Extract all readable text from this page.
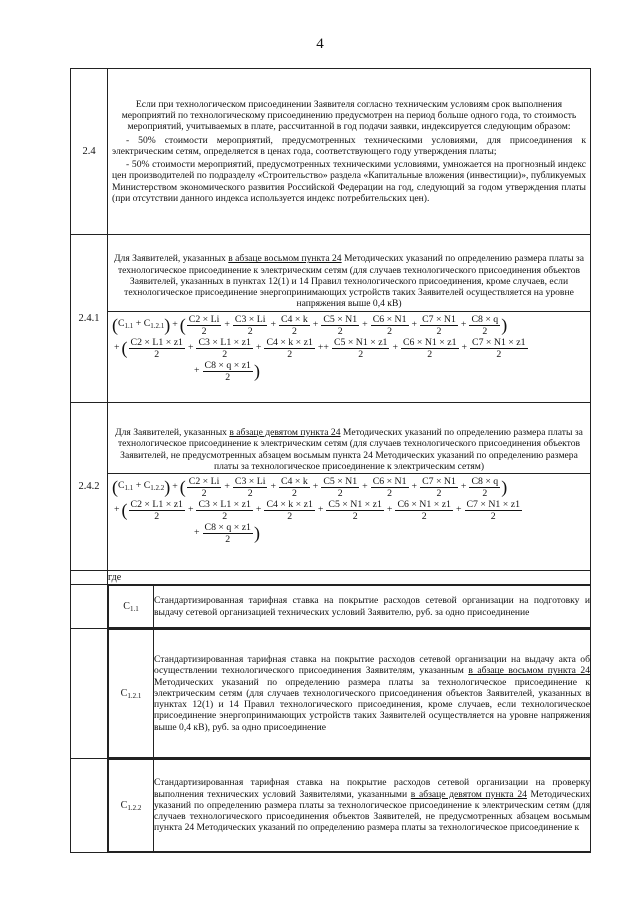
4
2.4	
Если при технологическом присоединении Заявителя согласно техническим условиям срок выполнения мероприятий по технологическому присоединению предусмотрен на период больше одного года, то стоимость мероприятий, учитываемых в плате, рассчитанной в год подачи заявки, индексируется следующим образом:
- 50% стоимости мероприятий, предусмотренных техническими условиями, для присоединения к электрическим сетям, определяется в ценах года, соответствующего году утверждения платы;
- 50% стоимости мероприятий, предусмотренных техническими условиями, умножается на прогнозный индекс цен производителей по подразделу «Строительство» раздела «Капитальные вложения (инвестиции)», публикуемых Министерством экономического развития Российской Федерации на год, следующий за годом утверждения платы (при отсутствии данного индекса используется индекс потребительских цен).

2.4.1	
Для Заявителей, указанных в абзаце восьмом пункта 24 Методических указаний по определению размера платы за технологическое присоединение к электрическим сетям (для случаев технологического присоединения объектов Заявителей, указанных в пунктах 12(1) и 14 Правил технологического присоединения, кроме случаев, если технологическое присоединение энергопринимающих устройств таких Заявителей осуществляется на уровне напряжения выше 0,4 кВ)
( $C_{1.1} + C_{1.2.1}$ ) + ( $\frac{C2 \times Li}{2} + \frac{C3 \times Li}{2} + \frac{C4 \times k}{2} + \frac{C5 \times N1}{2} + \frac{C6 \times N1}{2} + \frac{C7 \times N1}{2} + \frac{C8 \times q}{2}$ )
+ ( $\frac{C2 \times L1 \times z1}{2} + \frac{C3 \times L1 \times z1}{2} + \frac{C4 \times k \times z1}{2} ++ \frac{C5 \times N1 \times z1}{2} + \frac{C6 \times N1 \times z1}{2} + \frac{C7 \times N1 \times z1}{2}$
+ $\frac{C8 \times q \times z1}{2}$ )

2.4.2	
Для Заявителей, указанных в абзаце девятом пункта 24 Методических указаний по определению размера платы за технологическое присоединение к электрическим сетям (для случаев технологического присоединения объектов Заявителей, не предусмотренных абзацем восьмым пункта 24 Методических указаний по определению размера платы за технологическое присоединение к электрическим сетям)
( $C_{1.1} + C_{1.2.2}$ ) + ( $\frac{C2 \times Li}{2} + \frac{C3 \times Li}{2} + \frac{C4 \times k}{2} + \frac{C5 \times N1}{2} + \frac{C6 \times N1}{2} + \frac{C7 \times N1}{2} + \frac{C8 \times q}{2}$ )
+ ( $\frac{C2 \times L1 \times z1}{2} + \frac{C3 \times L1 \times z1}{2} + \frac{C4 \times k \times z1}{2} + \frac{C5 \times N1 \times z1}{2} + \frac{C6 \times N1 \times z1}{2} + \frac{C7 \times N1 \times z1}{2}$
+ $\frac{C8 \times q \times z1}{2}$ )

	где

$C_{1.1}$	Стандартизированная тарифная ставка на покрытие расходов сетевой организации на подготовку и выдачу сетевой организацией технических условий Заявителю, руб. за одно присоединение

$C_{1.2.1}$	Стандартизированная тарифная ставка на покрытие расходов сетевой организации на выдачу акта об осуществлении технологического присоединения Заявителям, указанным в абзаце восьмом пункта 24 Методических указаний по определению размера платы за технологическое присоединение к электрическим сетям (для случаев технологического присоединения объектов Заявителей, указанных в пунктах 12(1) и 14 Правил технологического присоединения, кроме случаев, если технологическое присоединение энергопринимающих устройств таких Заявителей осуществляется на уровне напряжения выше 0,4 кВ), руб. за одно присоединение

$C_{1.2.2}$	Стандартизированная тарифная ставка на покрытие расходов сетевой организации на проверку выполнения технических условий Заявителями, указанными в абзаце девятом пункта 24 Методических указаний по определению размера платы за технологическое присоединение к электрическим сетям (для случаев технологического присоединения объектов Заявителей, не предусмотренных абзацем восьмым пункта 24 Методических указаний по определению размера платы за технологическое присоединение к
